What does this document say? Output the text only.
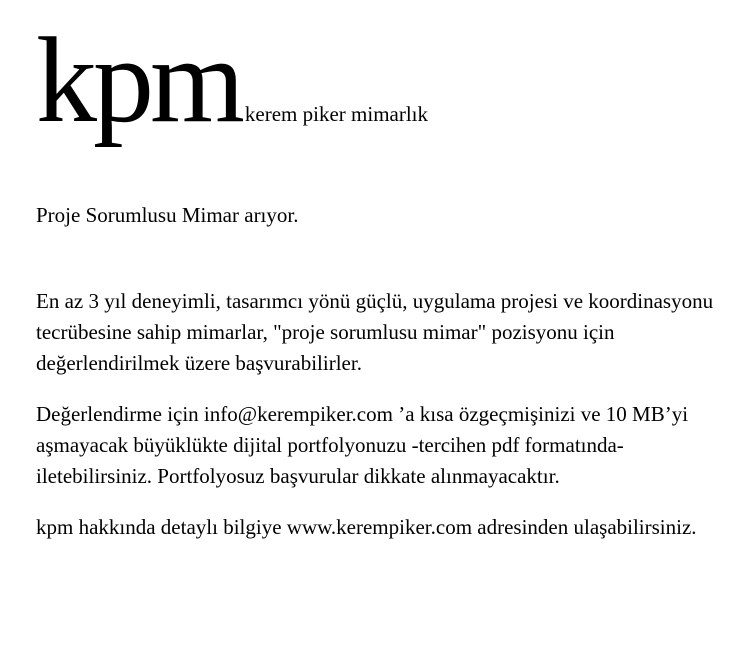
kpm kerem piker mimarlık

Proje Sorumlusu Mimar arıyor.

En az 3 yıl deneyimli, tasarımcı yönü güçlü, uygulama projesi ve koordinasyonu tecrübesine sahip mimarlar, "proje sorumlusu mimar" pozisyonu için değerlendirilmek üzere başvurabilirler.

Değerlendirme için info@kerempiker.com ’a kısa özgeçmişinizi ve 10 MB’yi aşmayacak büyüklükte dijital portfolyonuzu -tercihen pdf formatında- iletebilirsiniz. Portfolyosuz başvurular dikkate alınmayacaktır.

kpm hakkında detaylı bilgiye www.kerempiker.com adresinden ulaşabilirsiniz.
